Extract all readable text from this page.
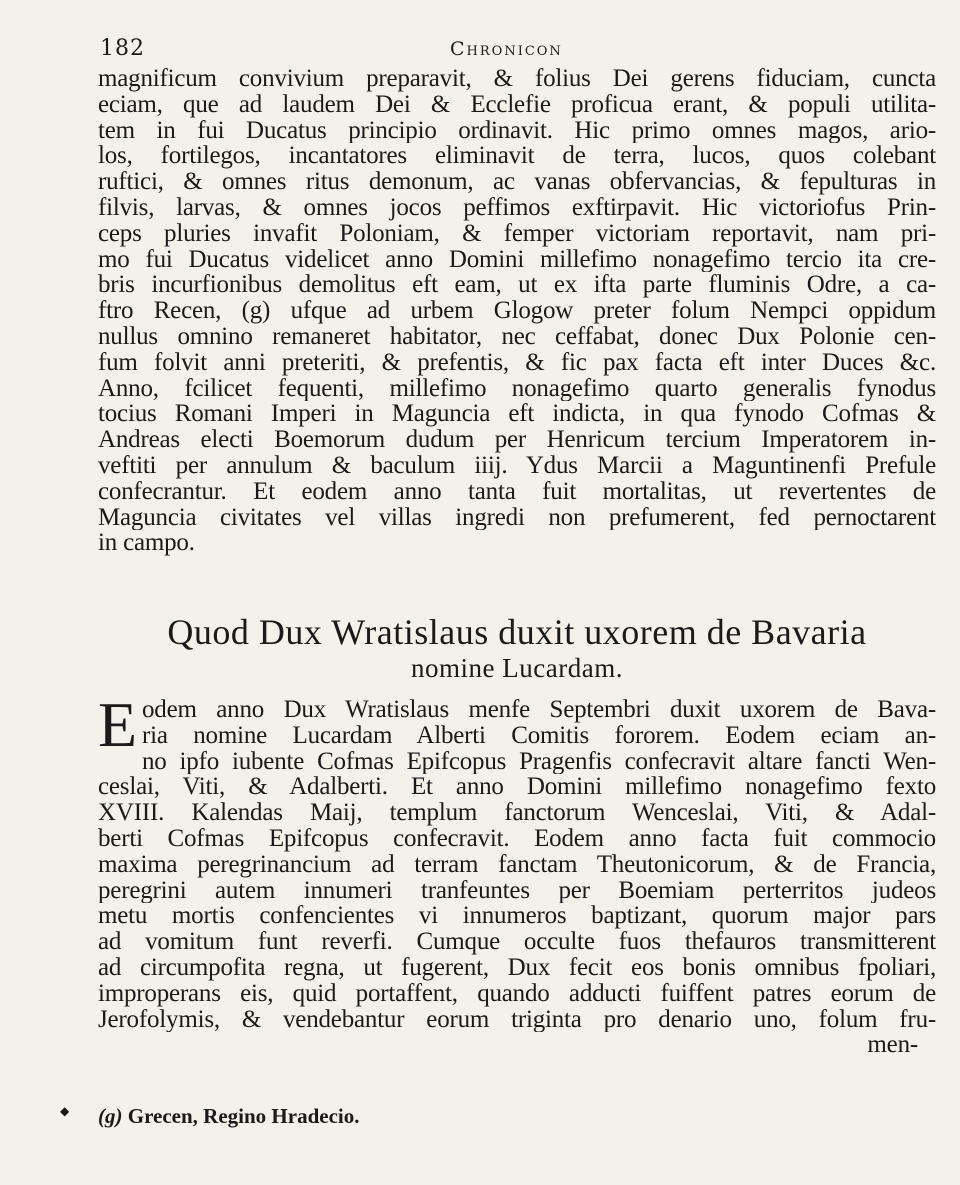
182	Chronicon
magnificum convivium preparavit, & folius Dei gerens fiduciam, cuncta
eciam, que ad laudem Dei & Ecclefie proficua erant, & populi utilita-
tem in fui Ducatus principio ordinavit. Hic primo omnes magos, ario-
los, fortilegos, incantatores eliminavit de terra, lucos, quos colebant
ruftici, & omnes ritus demonum, ac vanas obfervancias, & fepulturas in
filvis, larvas, & omnes jocos peffimos exftirpavit. Hic victoriofus Prin-
ceps pluries invafit Poloniam, & femper victoriam reportavit, nam pri-
mo fui Ducatus videlicet anno Domini millefimo nonagefimo tercio ita cre-
bris incurfionibus demolitus eft eam, ut ex ifta parte fluminis Odre, a ca-
ftro Recen, (g) ufque ad urbem Glogow preter folum Nempci oppidum
nullus omnino remaneret habitator, nec ceffabat, donec Dux Polonie cen-
fum folvit anni preteriti, & prefentis, & fic pax facta eft inter Duces &c.
Anno, fcilicet fequenti, millefimo nonagefimo quarto generalis fynodus
tocius Romani Imperi in Maguncia eft indicta, in qua fynodo Cofmas &
Andreas electi Boemorum dudum per Henricum tercium Imperatorem in-
veftiti per annulum & baculum iiij. Ydus Marcii a Maguntinenfi Prefule
confecrantur. Et eodem anno tanta fuit mortalitas, ut revertentes de
Maguncia civitates vel villas ingredi non prefumerent, fed pernoctarent
in campo.
Quod Dux Wratislaus duxit uxorem de Bavaria
nomine Lucardam.
E odem anno Dux Wratislaus menfe Septembri duxit uxorem de Bava-
ria nomine Lucardam Alberti Comitis fororem. Eodem eciam an-
no ipfo iubente Cofmas Epifcopus Pragenfis confecravit altare fancti Wen-
ceslai, Viti, & Adalberti. Et anno Domini millefimo nonagefimo fexto
XVIII. Kalendas Maij, templum fanctorum Wenceslai, Viti, & Adal-
berti Cofmas Epifcopus confecravit. Eodem anno facta fuit commocio
maxima peregrinancium ad terram fanctam Theutonicorum, & de Francia,
peregrini autem innumeri tranfeuntes per Boemiam perterritos judeos
metu mortis confencientes vi innumeros baptizant, quorum major pars
ad vomitum funt reverfi. Cumque occulte fuos thefauros transmitterent
ad circumpofita regna, ut fugerent, Dux fecit eos bonis omnibus fpoliari,
improperans eis, quid portaffent, quando adducti fuiffent patres eorum de
Jerofolymis, & vendebantur eorum triginta pro denario uno, folum fru-
men-
◆ (g) Grecen, Regino Hradecio.
